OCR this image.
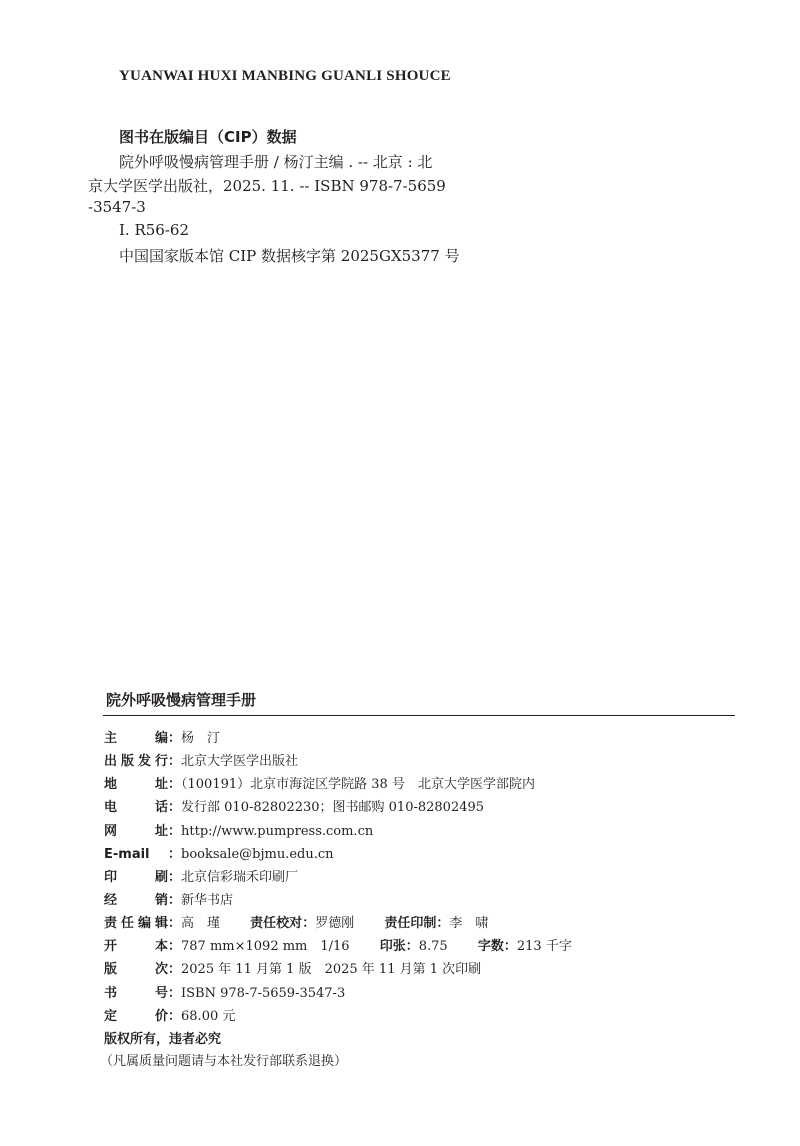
YUANWAI HUXI MANBING GUANLI SHOUCE
图书在版编目（CIP）数据
院外呼吸慢病管理手册 / 杨汀主编 . -- 北京 : 北
京大学医学出版社，2025. 11. -- ISBN 978-7-5659
-3547-3
Ⅰ. R56-62
中国国家版本馆 CIP 数据核字第 2025GX5377 号
院外呼吸慢病管理手册
主编：杨　汀
出版发行：北京大学医学出版社
地址：（100191）北京市海淀区学院路 38 号　北京大学医学部院内
电话：发行部 010-82802230；图书邮购 010-82802495
网址：http://www.pumpress.com.cn
E-mail ：booksale@bjmu.edu.cn
印刷：北京信彩瑞禾印刷厂
经销：新华书店
责任编辑：高　瑾 责任校对：罗德刚 责任印制：李　啸
开本：787 mm×1092 mm　1/16 印张：8.75 字数：213 千字
版次：2025 年 11 月第 1 版　2025 年 11 月第 1 次印刷
书号：ISBN 978-7-5659-3547-3
定价：68.00 元
版权所有，违者必究
（凡属质量问题请与本社发行部联系退换）
